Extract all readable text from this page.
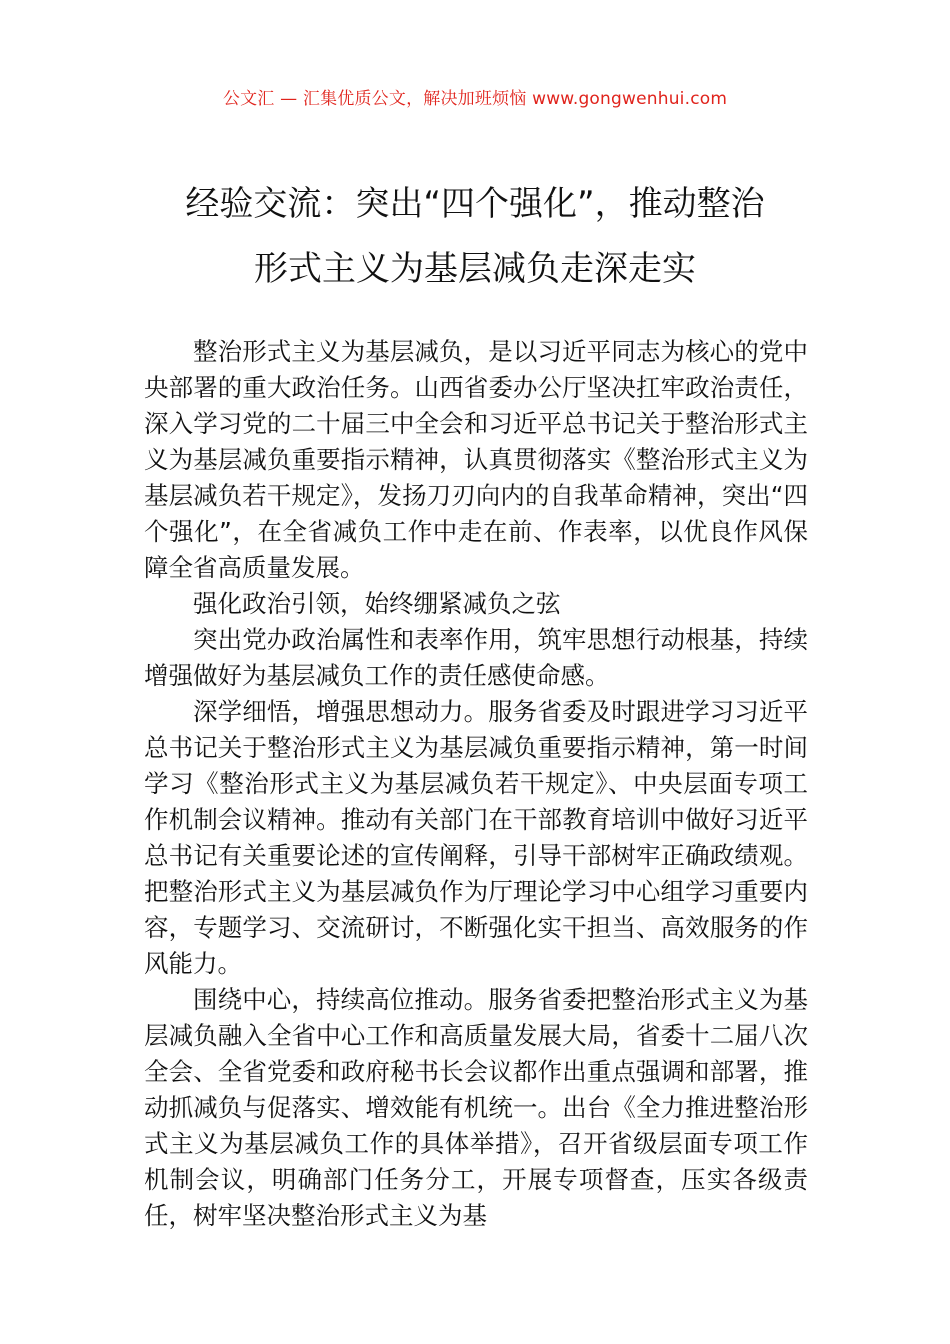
公文汇 — 汇集优质公文，解决加班烦恼 www.gongwenhui.com
经验交流：突出“四个强化”，推动整治
形式主义为基层减负走深走实

整治形式主义为基层减负，是以习近平同志为核心的党中央部署的重大政治任务。山西省委办公厅坚决扛牢政治责任，深入学习党的二十届三中全会和习近平总书记关于整治形式主义为基层减负重要指示精神，认真贯彻落实《整治形式主义为基层减负若干规定》，发扬刀刃向内的自我革命精神，突出“四个强化”，在全省减负工作中走在前、作表率，以优良作风保障全省高质量发展。

强化政治引领，始终绷紧减负之弦

突出党办政治属性和表率作用，筑牢思想行动根基，持续增强做好为基层减负工作的责任感使命感。

深学细悟，增强思想动力。服务省委及时跟进学习习近平总书记关于整治形式主义为基层减负重要指示精神，第一时间学习《整治形式主义为基层减负若干规定》、中央层面专项工作机制会议精神。推动有关部门在干部教育培训中做好习近平总书记有关重要论述的宣传阐释，引导干部树牢正确政绩观。把整治形式主义为基层减负作为厅理论学习中心组学习重要内容，专题学习、交流研讨，不断强化实干担当、高效服务的作风能力。

围绕中心，持续高位推动。服务省委把整治形式主义为基层减负融入全省中心工作和高质量发展大局，省委十二届八次全会、全省党委和政府秘书长会议都作出重点强调和部署，推动抓减负与促落实、增效能有机统一。出台《全力推进整治形式主义为基层减负工作的具体举措》，召开省级层面专项工作机制会议，明确部门任务分工，开展专项督查，压实各级责任，树牢坚决整治形式主义为基
